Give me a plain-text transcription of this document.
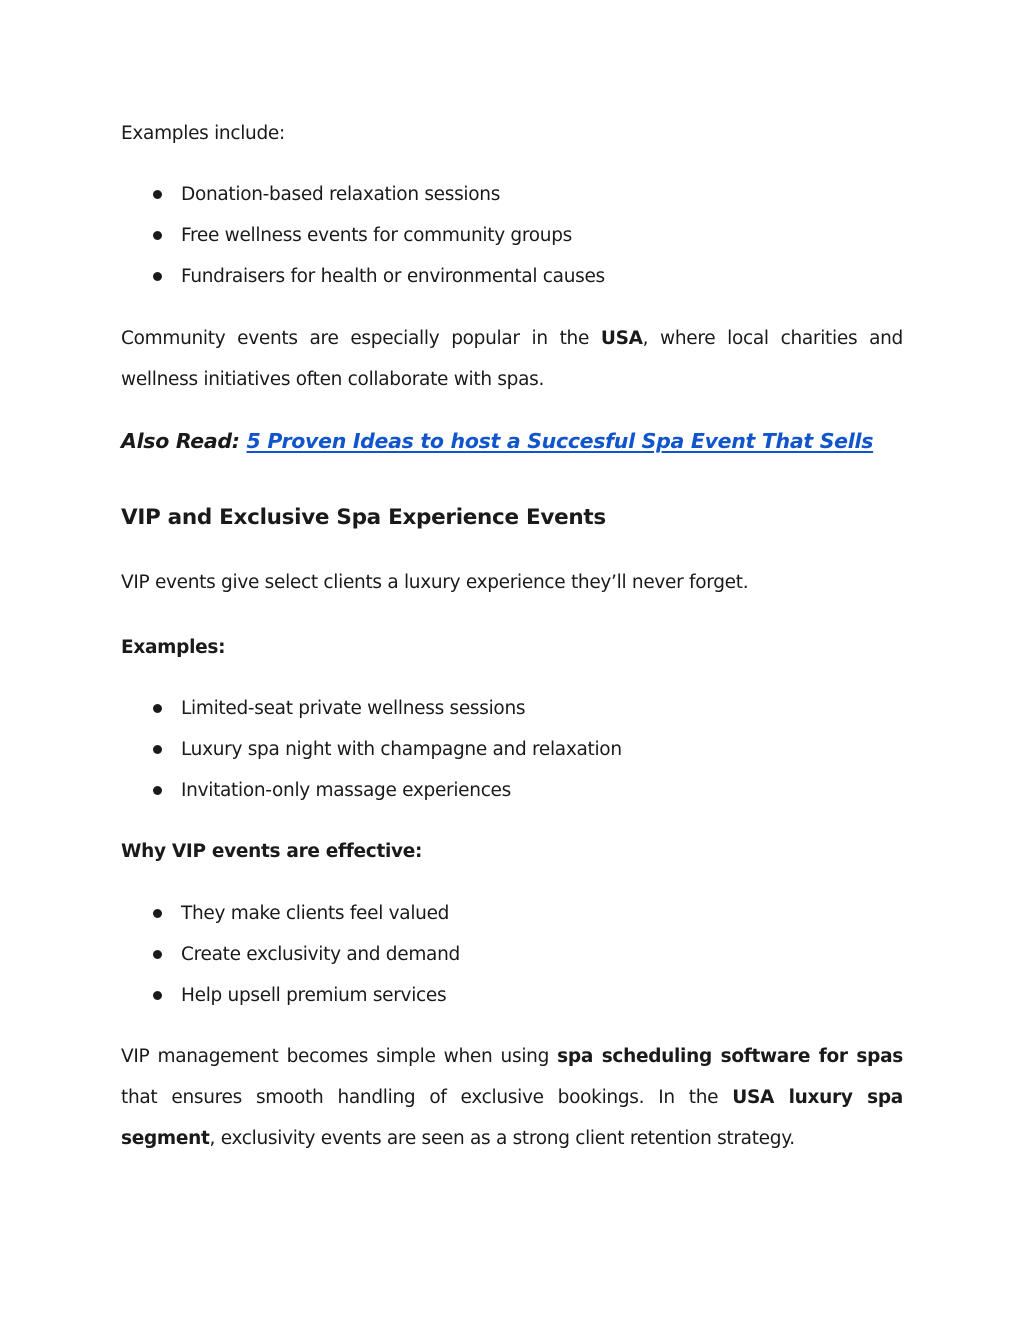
Examples include:
Donation-based relaxation sessions
Free wellness events for community groups
Fundraisers for health or environmental causes
Community events are especially popular in the USA, where local charities and wellness initiatives often collaborate with spas.
Also Read: 5 Proven Ideas to host a Succesful Spa Event That Sells
VIP and Exclusive Spa Experience Events
VIP events give select clients a luxury experience they’ll never forget.
Examples:
Limited-seat private wellness sessions
Luxury spa night with champagne and relaxation
Invitation-only massage experiences
Why VIP events are effective:
They make clients feel valued
Create exclusivity and demand
Help upsell premium services
VIP management becomes simple when using spa scheduling software for spas that ensures smooth handling of exclusive bookings. In the USA luxury spa segment, exclusivity events are seen as a strong client retention strategy.
